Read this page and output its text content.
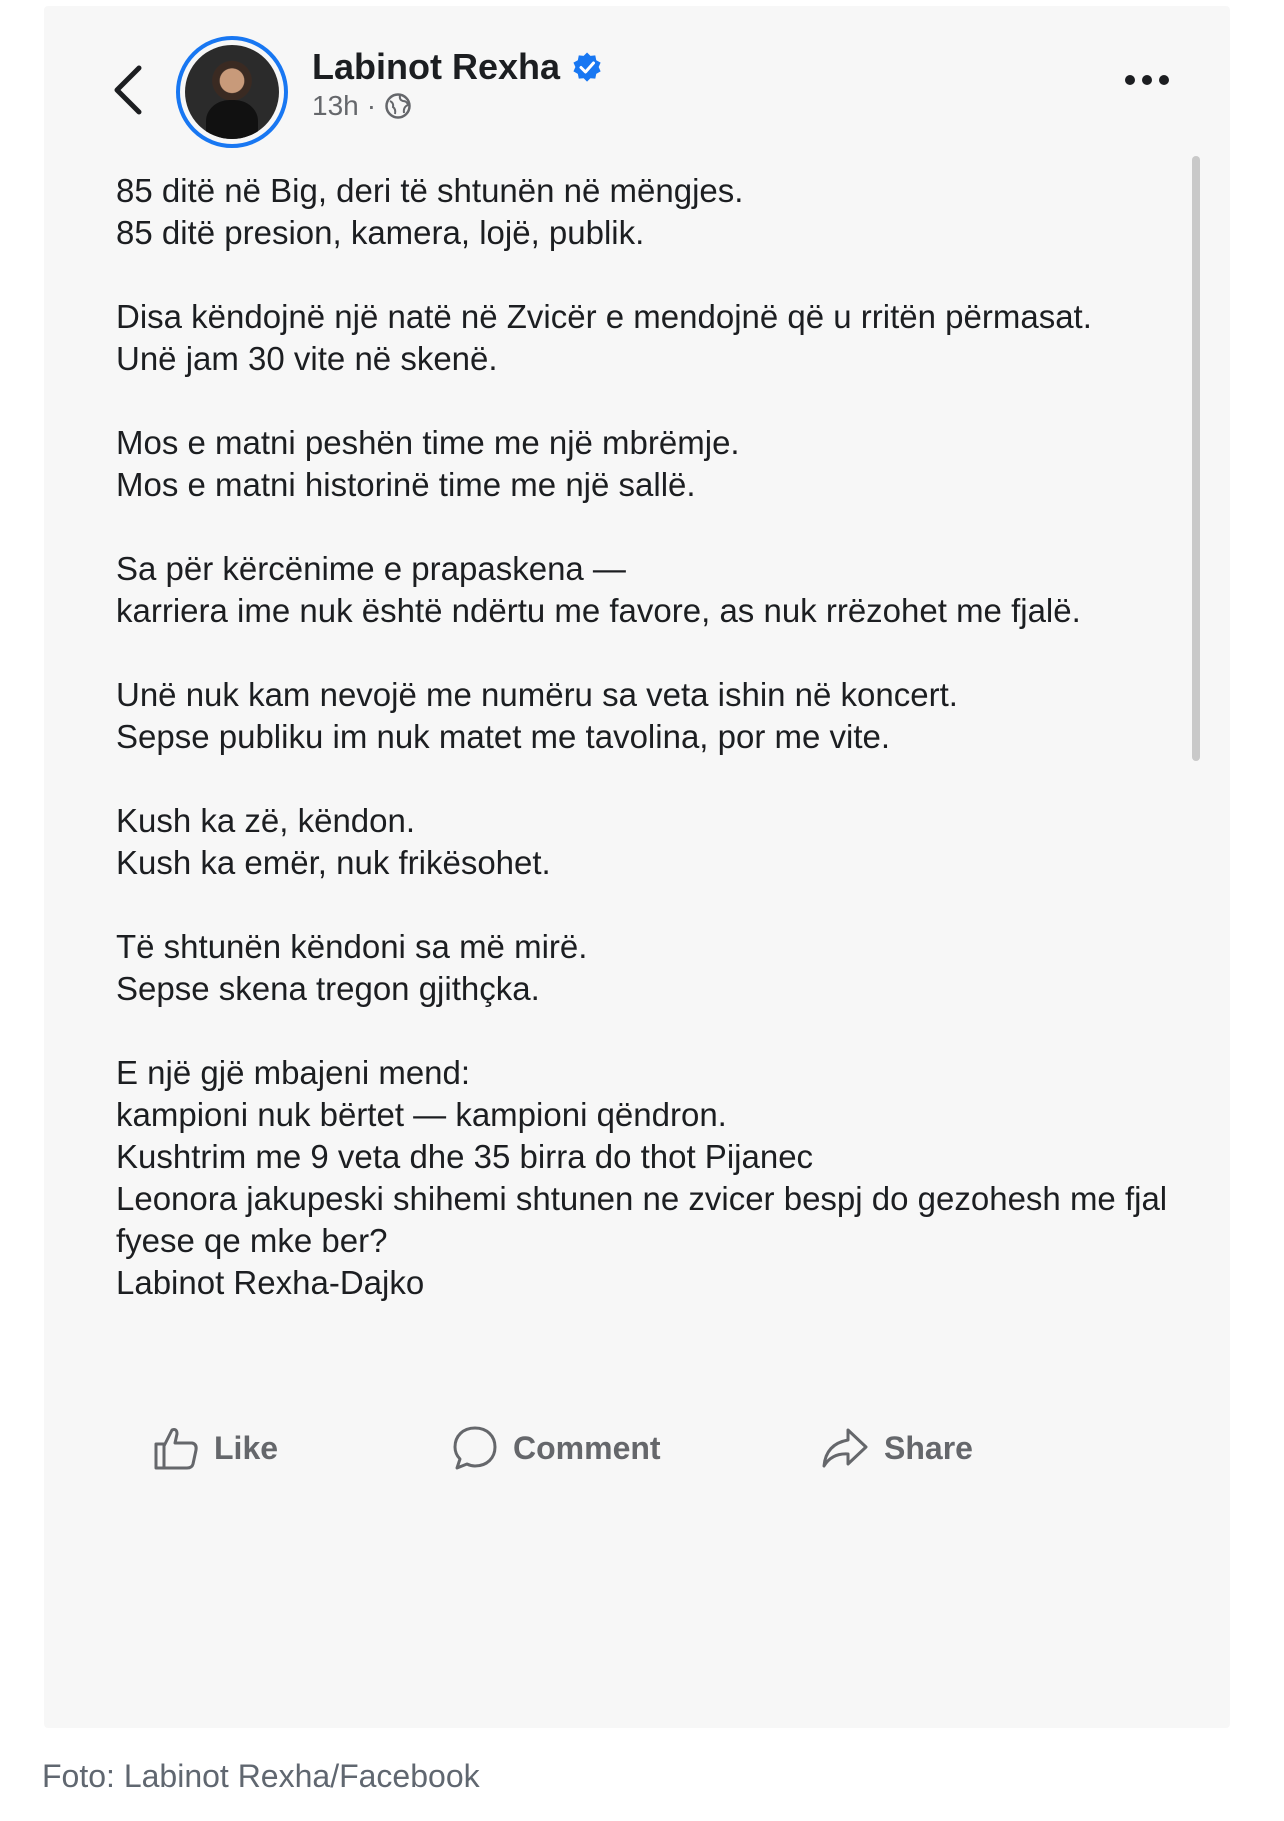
Labinot Rexha
13h ·

85 ditë në Big, deri të shtunën në mëngjes.
85 ditë presion, kamera, lojë, publik.

Disa këndojnë një natë në Zvicër e mendojnë që u rritën përmasat.
Unë jam 30 vite në skenë.

Mos e matni peshën time me një mbrëmje.
Mos e matni historinë time me një sallë.

Sa për kërcënime e prapaskena —
karriera ime nuk është ndërtu me favore, as nuk rrëzohet me fjalë.

Unë nuk kam nevojë me numëru sa veta ishin në koncert.
Sepse publiku im nuk matet me tavolina, por me vite.

Kush ka zë, këndon.
Kush ka emër, nuk frikësohet.

Të shtunën këndoni sa më mirë.
Sepse skena tregon gjithçka.

E një gjë mbajeni mend:
kampioni nuk bërtet — kampioni qëndron.
Kushtrim me 9 veta dhe 35 birra do thot Pijanec
Leonora jakupeski shihemi shtunen ne zvicer bespj do gezohesh me fjal fyese qe mke ber?
Labinot Rexha-Dajko

Like	Comment	Share
Foto: Labinot Rexha/Facebook
